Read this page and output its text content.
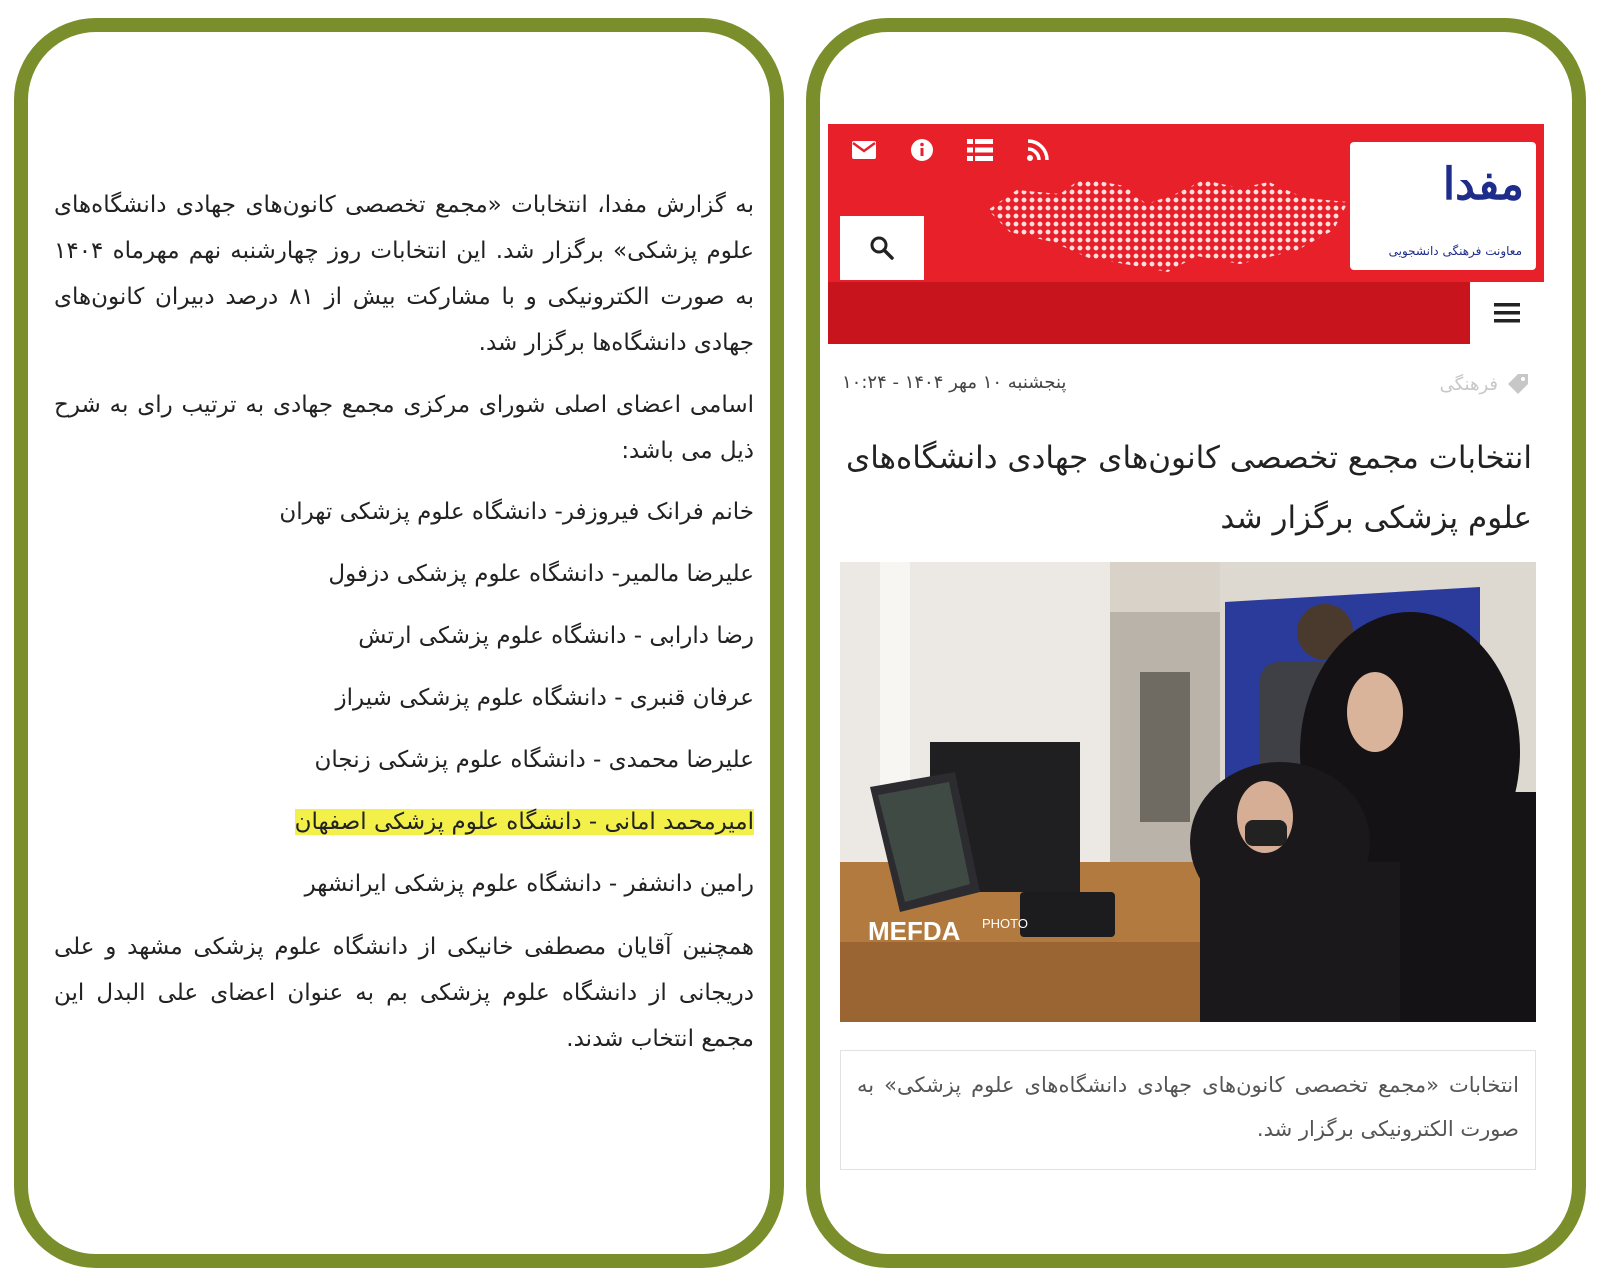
به گزارش مفدا، انتخابات «مجمع تخصصی کانون‌های جهادی دانشگاه‌های علوم پزشکی» برگزار شد. این انتخابات روز چهارشنبه نهم مهرماه ۱۴۰۴ به صورت الکترونیکی و با مشارکت بیش از ۸۱ درصد دبیران کانون‌های جهادی دانشگاه‌ها برگزار شد.

اسامی اعضای اصلی شورای مرکزی مجمع جهادی به ترتیب رای به شرح ذیل می باشد:

خانم فرانک فیروزفر- دانشگاه علوم پزشکی تهران
علیرضا مالمیر- دانشگاه علوم پزشکی دزفول
رضا دارابی - دانشگاه علوم پزشکی ارتش
عرفان قنبری - دانشگاه علوم پزشکی شیراز
علیرضا محمدی - دانشگاه علوم پزشکی زنجان
امیرمحمد امانی - دانشگاه علوم پزشکی اصفهان
رامین دانشفر - دانشگاه علوم پزشکی ایرانشهر

همچنین آقایان مصطفی خانیکی از دانشگاه علوم پزشکی مشهد و علی دریجانی از دانشگاه علوم پزشکی بم به عنوان اعضای علی البدل این مجمع انتخاب شدند.

مفدا
معاونت فرهنگی دانشجویی
پنجشنبه ۱۰ مهر ۱۴۰۴ - ۱۰:۲۴	فرهنگی
انتخابات مجمع تخصصی کانون‌های جهادی دانشگاه‌های علوم پزشکی برگزار شد
MEFDA PHOTO
انتخابات «مجمع تخصصی کانون‌های جهادی دانشگاه‌های علوم پزشکی» به صورت الکترونیکی برگزار شد.
